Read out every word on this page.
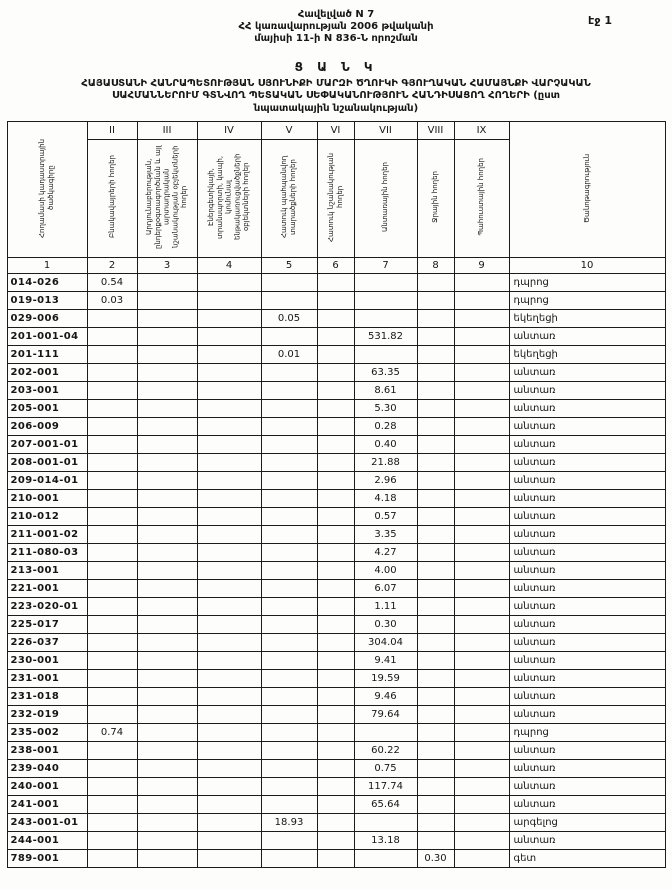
էջ 1
Հավելված N 7
ՀՀ կառավարության 2006 թվականի
մայիսի 11-ի N 836-Ն որոշման
Ց Ա Ն Կ
ՀԱՅԱՍՏԱՆԻ ՀԱՆՐԱՊԵՏՈՒԹՅԱՆ ՍՅՈՒՆԻՔԻ ՄԱՐԶԻ ԾՂՈՒԿԻ ԳՅՈՒՂԱԿԱՆ ՀԱՄԱՅՆՔԻ ՎԱՐՉԱԿԱՆ
ՍԱՀՄԱՆՆԵՐՈՒՄ ԳՏՆՎՈՂ ՊԵՏԱԿԱՆ ՍԵՓԱԿԱՆՈՒԹՅՈՒՆ ՀԱՆԴԻՍԱՑՈՂ ՀՈՂԵՐԻ (ըստ
նպատակային նշանակության)
Հողամասի կադաստրային ծածկագիրը	II	III	IV	V	VI	VII	VIII	IX	Ծանոթագրություն
	Բնակավայրերի հողեր	Արդյունաբերության, ընդերքօգտագործման և այլ արտադրական նշանակության օբյեկտների հողեր	Էներգետիկայի, տրանսպորտի, կապի, կոմունալ ենթակառուցվածքների օբյեկտների հողեր	Հատուկ պահպանվող տարածքների հողեր	Հատուկ նշանակության հողեր	Անտառային հողեր	Ջրային հողեր	Պահուստային հողեր	
1	2	3	4	5	6	7	8	9	10
014-026	0.54								դպրոց
019-013	0.03								դպրոց
029-006				0.05					եկեղեցի
201-001-04						531.82			անտառ
201-111				0.01					եկեղեցի
202-001						63.35			անտառ
203-001						8.61			անտառ
205-001						5.30			անտառ
206-009						0.28			անտառ
207-001-01						0.40			անտառ
208-001-01						21.88			անտառ
209-014-01						2.96			անտառ
210-001						4.18			անտառ
210-012						0.57			անտառ
211-001-02						3.35			անտառ
211-080-03						4.27			անտառ
213-001						4.00			անտառ
221-001						6.07			անտառ
223-020-01						1.11			անտառ
225-017						0.30			անտառ
226-037						304.04			անտառ
230-001						9.41			անտառ
231-001						19.59			անտառ
231-018						9.46			անտառ
232-019						79.64			անտառ
235-002	0.74								դպրոց
238-001						60.22			անտառ
239-040						0.75			անտառ
240-001						117.74			անտառ
241-001						65.64			անտառ
243-001-01				18.93					արգելոց
244-001						13.18			անտառ
789-001							0.30		գետ
